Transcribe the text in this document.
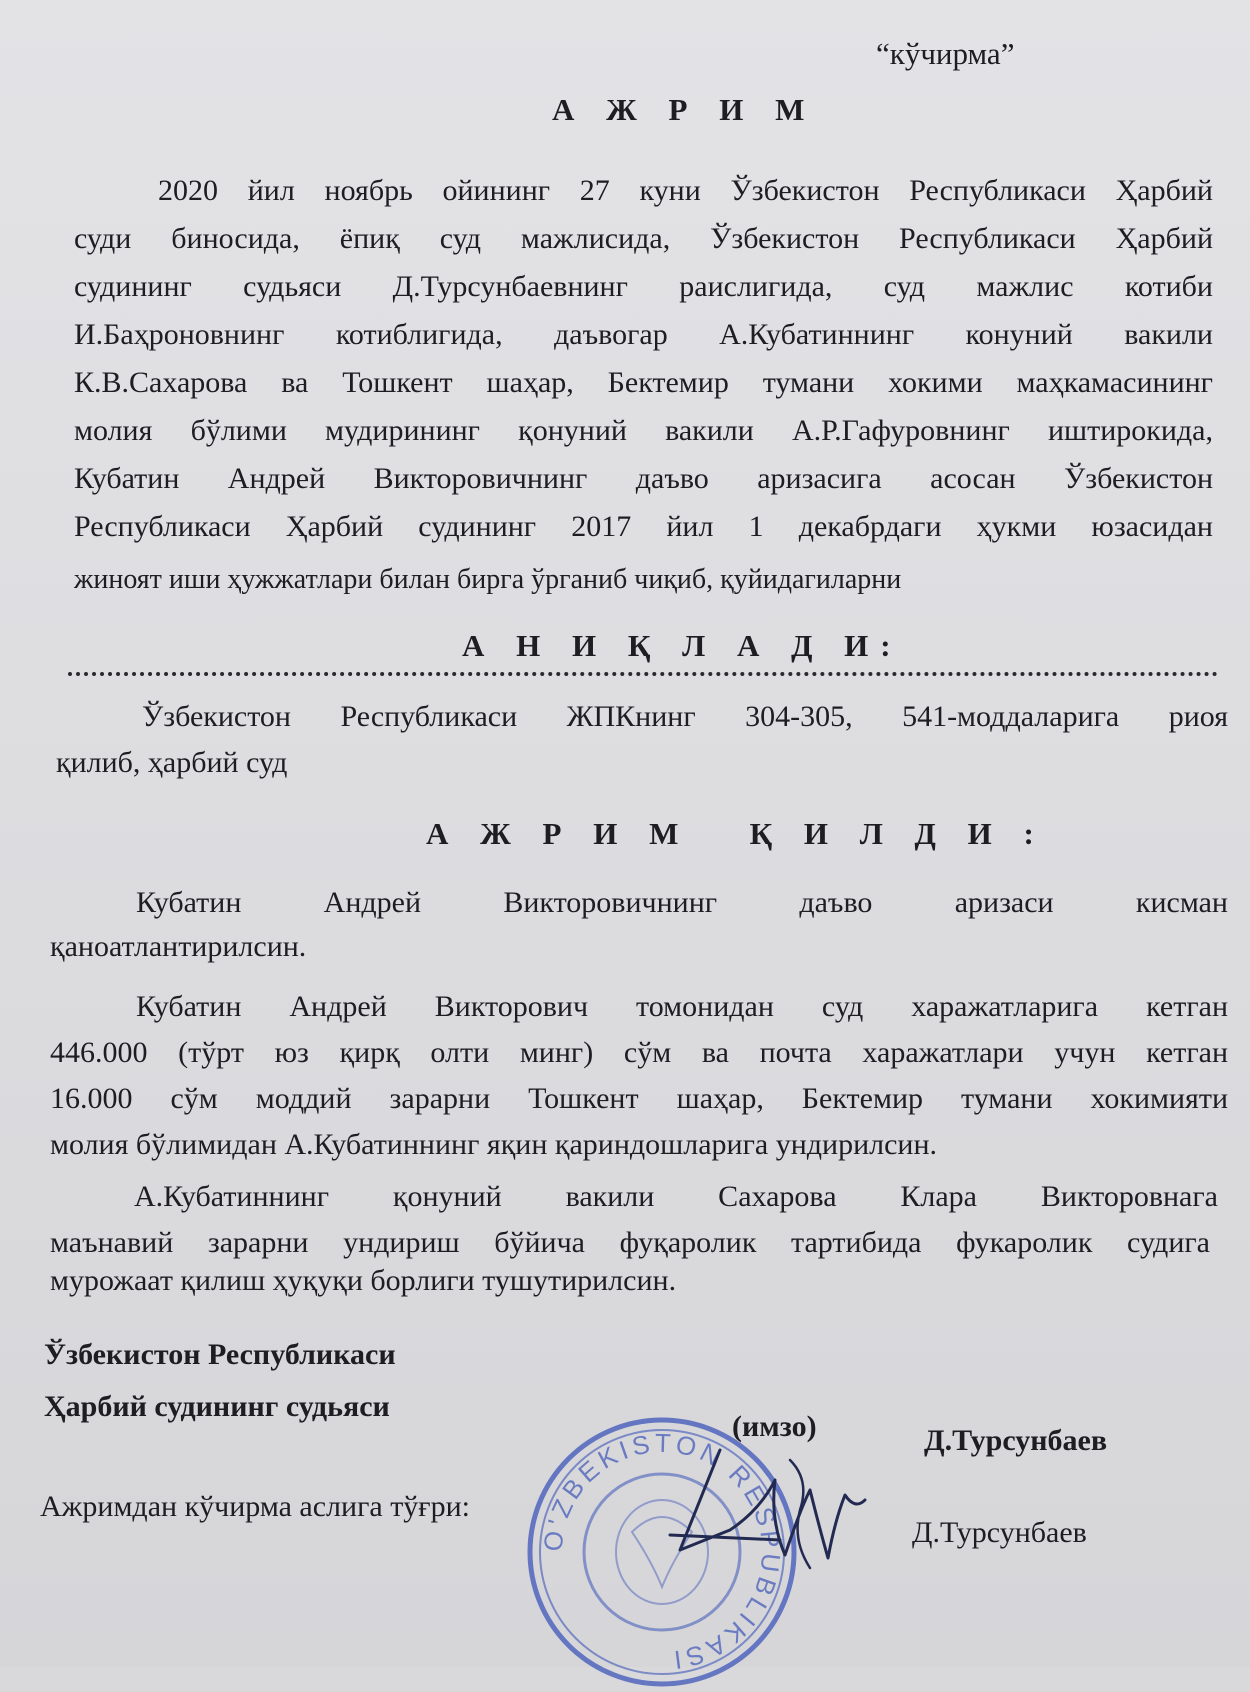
“кўчирма”
А Ж Р И М
2020 йил ноябрь ойининг 27 куни Ўзбекистон Республикаси Ҳарбий
суди биносида, ёпиқ суд мажлисида, Ўзбекистон Республикаси Ҳарбий
судининг судьяси Д.Турсунбаевнинг раислигида, суд мажлис котиби
И.Баҳроновнинг котиблигида, даъвогар А.Кубатиннинг конуний вакили
К.В.Сахарова ва Тошкент шаҳар, Бектемир тумани хокими маҳкамасининг
молия бўлими мудирининг қонуний вакили А.Р.Гафуровнинг иштирокида,
Кубатин Андрей Викторовичнинг даъво аризасига асосан Ўзбекистон
Республикаси Ҳарбий судининг 2017 йил 1 декабрдаги ҳукми юзасидан
жиноят иши ҳужжатлари билан бирга ўрганиб чиқиб, қуйидагиларни
А Н И Қ Л А Д И:
Ўзбекистон Республикаси ЖПКнинг 304-305, 541-моддаларига риоя
қилиб, ҳарбий суд
А Ж Р И М   Қ И Л Д И :
Кубатин Андрей Викторовичнинг даъво аризаси кисман
қаноатлантирилсин.
Кубатин Андрей Викторович томонидан суд харажатларига кетган
446.000 (тўрт юз қирқ олти минг) сўм ва почта харажатлари учун кетган
16.000 сўм моддий зарарни Тошкент шаҳар, Бектемир тумани хокимияти
молия бўлимидан А.Кубатиннинг яқин қариндошларига ундирилсин.
А.Кубатиннинг қонуний вакили Сахарова Клара Викторовнага
маънавий зарарни ундириш бўйича фуқаролик тартибида фукаролик судига
мурожаат қилиш ҳуқуқи борлиги тушутирилсин.
Ўзбекистон Республикаси
Ҳарбий судининг судьяси
(имзо)	Д.Турсунбаев
Ажримдан кўчирма аслига тўғри:
Д.Турсунбаев
O'ZBEKISTON RESPUBLIKASI
